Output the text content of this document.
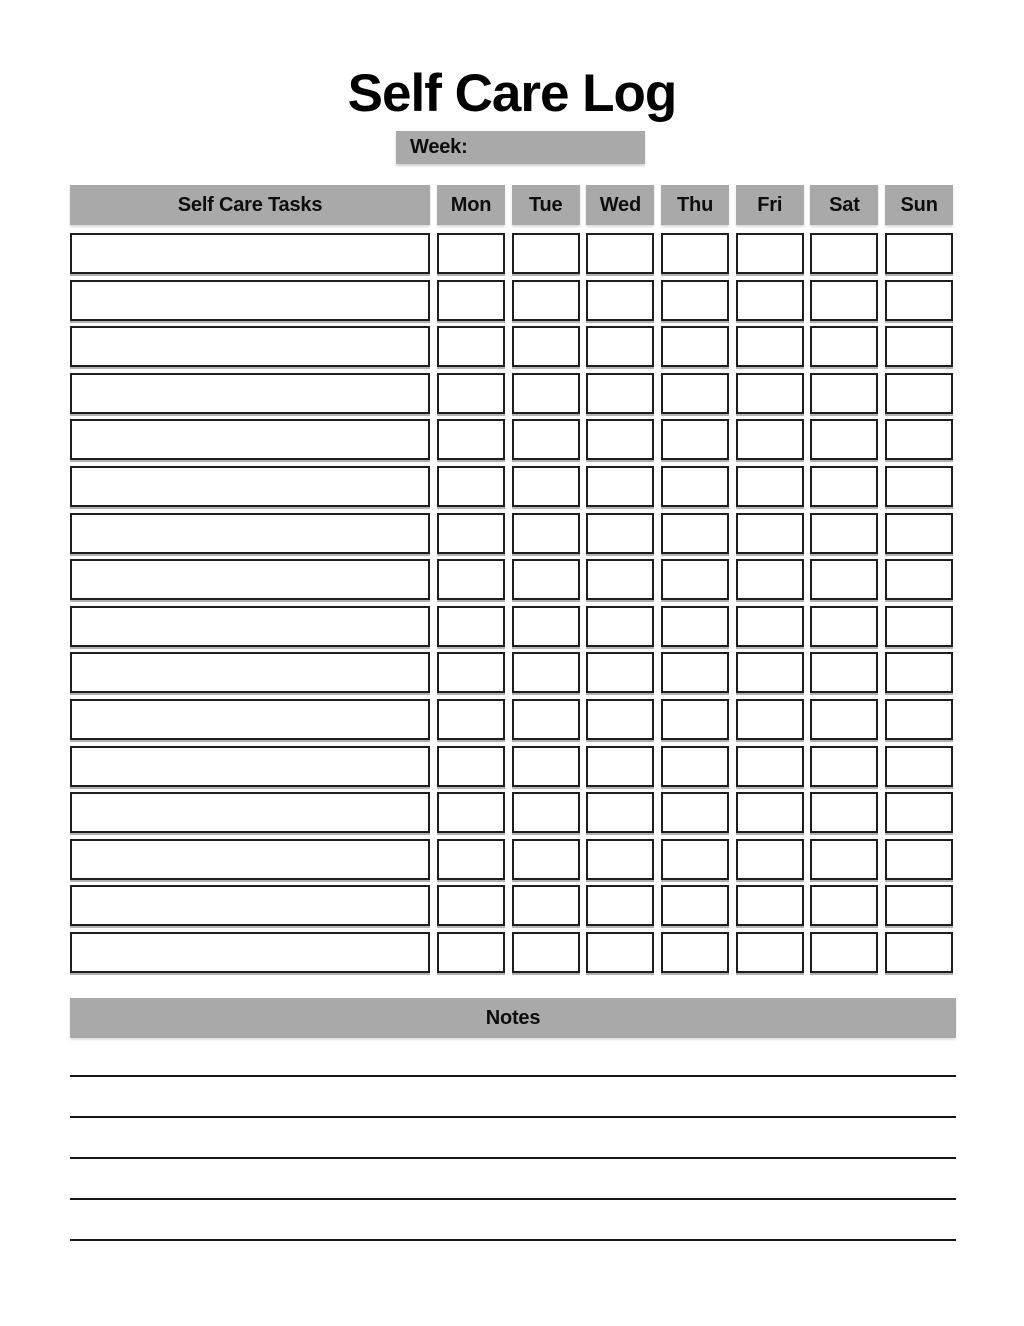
Self Care Log
Week:
Self Care Tasks	Mon	Tue	Wed	Thu	Fri	Sat	Sun
Notes
